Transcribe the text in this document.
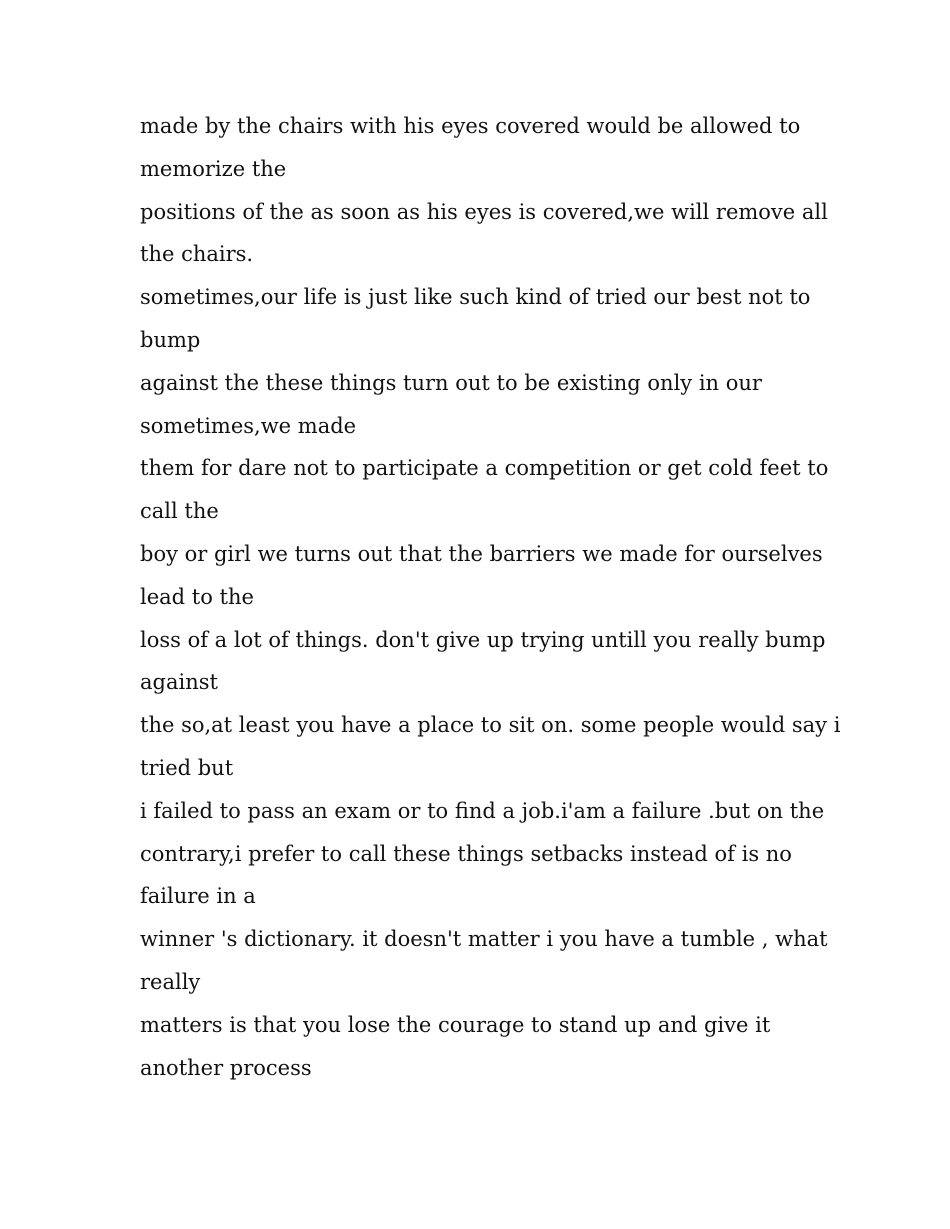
made by the chairs with his eyes covered would be allowed to
memorize the
positions of the as soon as his eyes is covered,we will remove all
the chairs.
sometimes,our life is just like such kind of tried our best not to
bump
against the these things turn out to be existing only in our
sometimes,we made
them for dare not to participate a competition or get cold feet to
call the
boy or girl we turns out that the barriers we made for ourselves
lead to the
loss of a lot of things. don't give up trying untill you really bump
against
the so,at least you have a place to sit on. some people would say i
tried but
i failed to pass an exam or to find a job.i'am a failure .but on the
contrary,i prefer to call these things setbacks instead of is no
failure in a
winner 's dictionary. it doesn't matter i you have a tumble , what
really
matters is that you lose the courage to stand up and give it
another process
